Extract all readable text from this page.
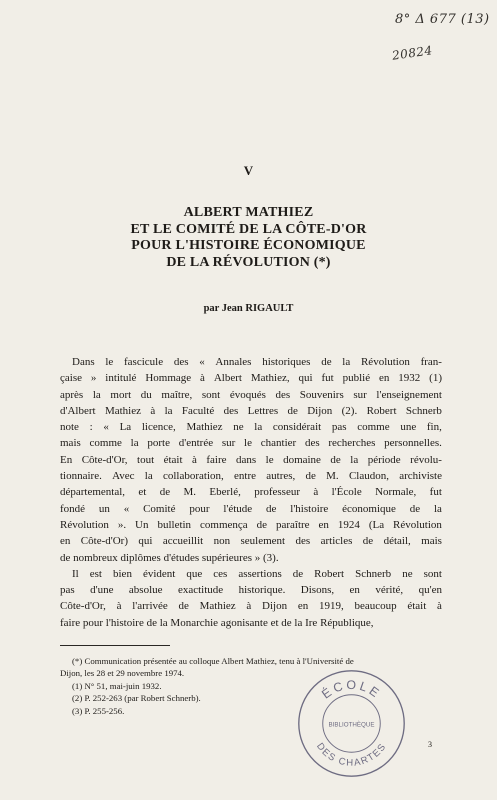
8° Δ 677 (13)
20824
V
ALBERT MATHIEZ
ET LE COMITÉ DE LA CÔTE-D'OR
POUR L'HISTOIRE ÉCONOMIQUE
DE LA RÉVOLUTION (*)
par Jean RIGAULT
Dans le fascicule des « Annales historiques de la Révolution fran-
çaise » intitulé Hommage à Albert Mathiez, qui fut publié en 1932 (1)
après la mort du maître, sont évoqués des Souvenirs sur l'enseignement
d'Albert Mathiez à la Faculté des Lettres de Dijon (2). Robert Schnerb
note : « La licence, Mathiez ne la considérait pas comme une fin,
mais comme la porte d'entrée sur le chantier des recherches personnelles.
En Côte-d'Or, tout était à faire dans le domaine de la période révolu-
tionnaire. Avec la collaboration, entre autres, de M. Claudon, archiviste
départemental, et de M. Eberlé, professeur à l'École Normale, fut
fondé un « Comité pour l'étude de l'histoire économique de la
Révolution ». Un bulletin commença de paraître en 1924 (La Révolution
en Côte-d'Or) qui accueillit non seulement des articles de détail, mais
de nombreux diplômes d'études supérieures » (3).
Il est bien évident que ces assertions de Robert Schnerb ne sont
pas d'une absolue exactitude historique. Disons, en vérité, qu'en
Côte-d'Or, à l'arrivée de Mathiez à Dijon en 1919, beaucoup était à
faire pour l'histoire de la Monarchie agonisante et de la Ire République,
(*) Communication présentée au colloque Albert Mathiez, tenu à l'Université de
Dijon, les 28 et 29 novembre 1974.
(1) N° 51, mai-juin 1932.
(2) P. 252-263 (par Robert Schnerb).
(3) P. 255-256.
ÉCOLE
BIBLIOTHÈQUE
DES CHARTES	3
